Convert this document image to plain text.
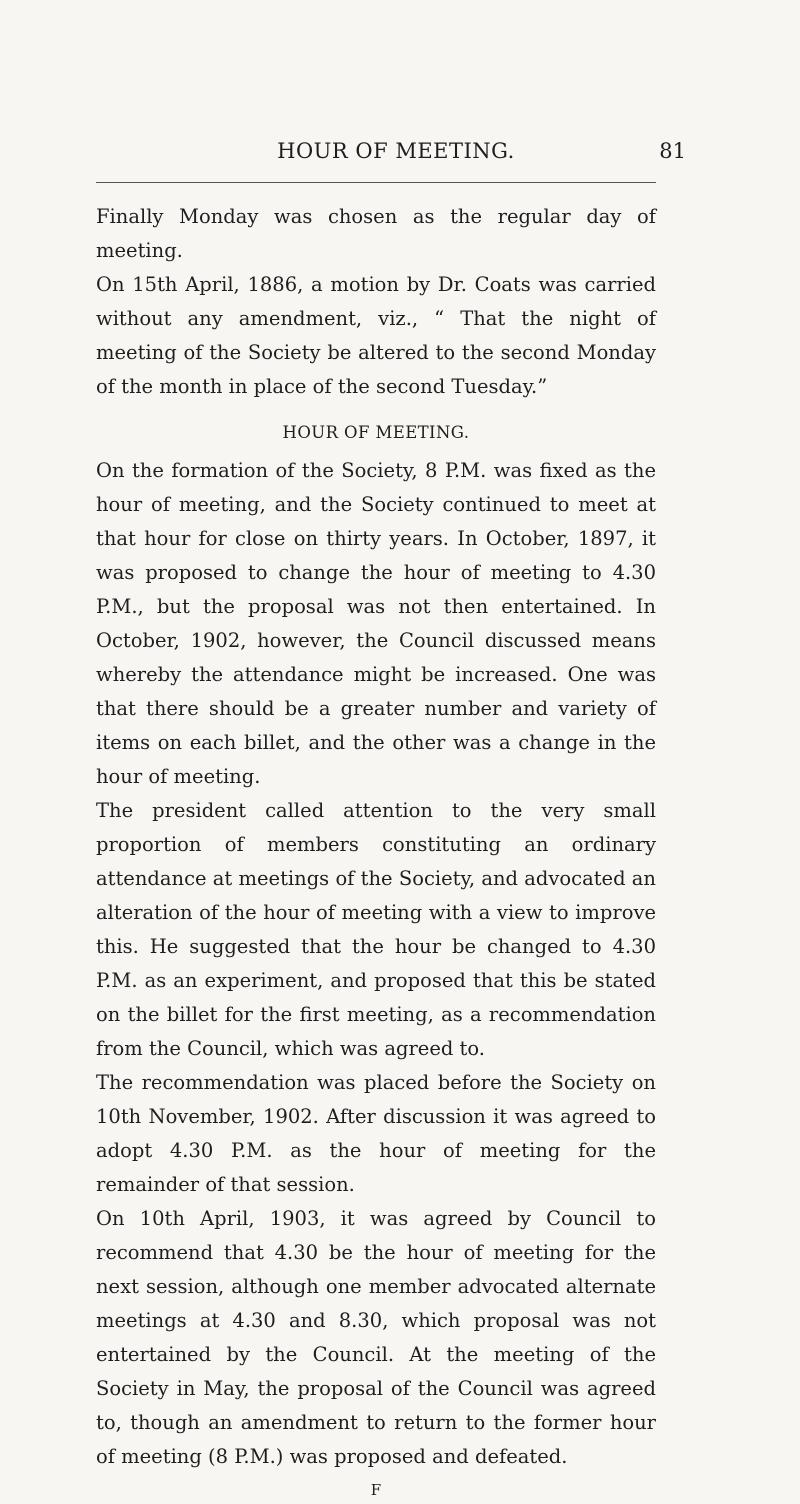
HOUR OF MEETING.	81

Finally Monday was chosen as the regular day of meeting.

On 15th April, 1886, a motion by Dr. Coats was carried without any amendment, viz., “ That the night of meeting of the Society be altered to the second Monday of the month in place of the second Tuesday.”

HOUR OF MEETING.

On the formation of the Society, 8 P.M. was fixed as the hour of meeting, and the Society continued to meet at that hour for close on thirty years. In October, 1897, it was proposed to change the hour of meeting to 4.30 P.M., but the proposal was not then entertained. In October, 1902, however, the Council discussed means whereby the attendance might be increased. One was that there should be a greater number and variety of items on each billet, and the other was a change in the hour of meeting.

The president called attention to the very small proportion of members constituting an ordinary attendance at meetings of the Society, and advocated an alteration of the hour of meeting with a view to improve this. He suggested that the hour be changed to 4.30 P.M. as an experiment, and proposed that this be stated on the billet for the first meeting, as a recommendation from the Council, which was agreed to.

The recommendation was placed before the Society on 10th November, 1902. After discussion it was agreed to adopt 4.30 P.M. as the hour of meeting for the remainder of that session.

On 10th April, 1903, it was agreed by Council to recommend that 4.30 be the hour of meeting for the next session, although one member advocated alternate meetings at 4.30 and 8.30, which proposal was not entertained by the Council. At the meeting of the Society in May, the proposal of the Council was agreed to, though an amendment to return to the former hour of meeting (8 P.M.) was proposed and defeated.

F
